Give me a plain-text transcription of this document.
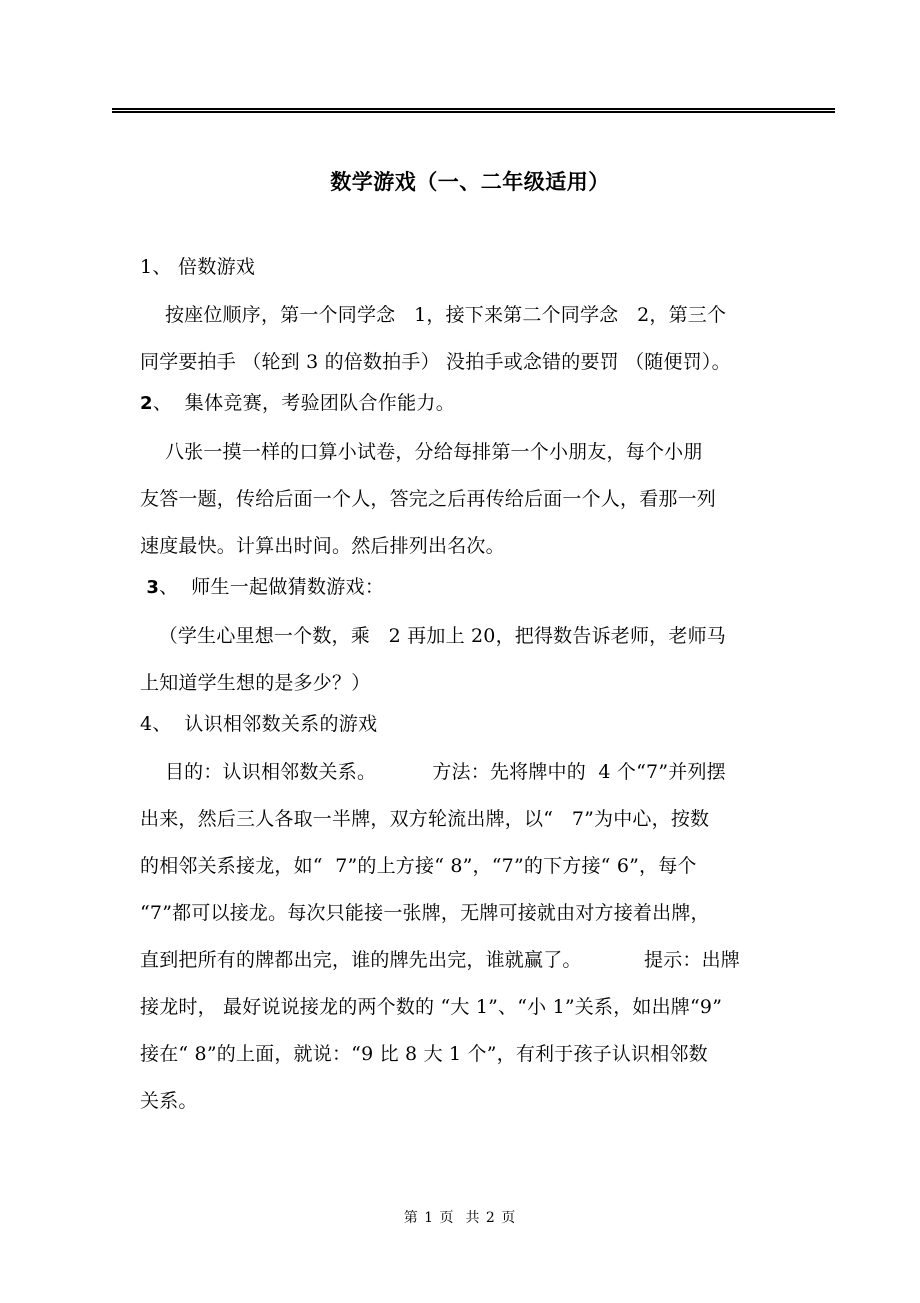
数学游戏（一、二年级适用）

1、 倍数游戏

按座位顺序，第一个同学念   1，接下来第二个同学念   2，第三个
同学要拍手 （轮到 3 的倍数拍手） 没拍手或念错的要罚 （随便罚）。

2、  集体竞赛，考验团队合作能力。

八张一摸一样的口算小试卷，分给每排第一个小朋友，每个小朋
友答一题，传给后面一个人，答完之后再传给后面一个人，看那一列
速度最快。计算出时间。然后排列出名次。

3、  师生一起做猜数游戏：

（学生心里想一个数，乘   2 再加上 20，把得数告诉老师，老师马
上知道学生想的是多少？）

4、  认识相邻数关系的游戏

目的：认识相邻数关系。         方法：先将牌中的  4 个“7”并列摆
出来，然后三人各取一半牌，双方轮流出牌，以“   7”为中心，按数
的相邻关系接龙，如“  7”的上方接“ 8”，“7”的下方接“ 6”，每个
“7”都可以接龙。每次只能接一张牌，无牌可接就由对方接着出牌，
直到把所有的牌都出完，谁的牌先出完，谁就赢了。          提示：出牌
接龙时， 最好说说接龙的两个数的 “大 1”、“小 1”关系，如出牌“9”
接在“ 8”的上面，就说：“9 比 8 大 1 个”，有利于孩子认识相邻数
关系。
第 1 页  共 2 页
